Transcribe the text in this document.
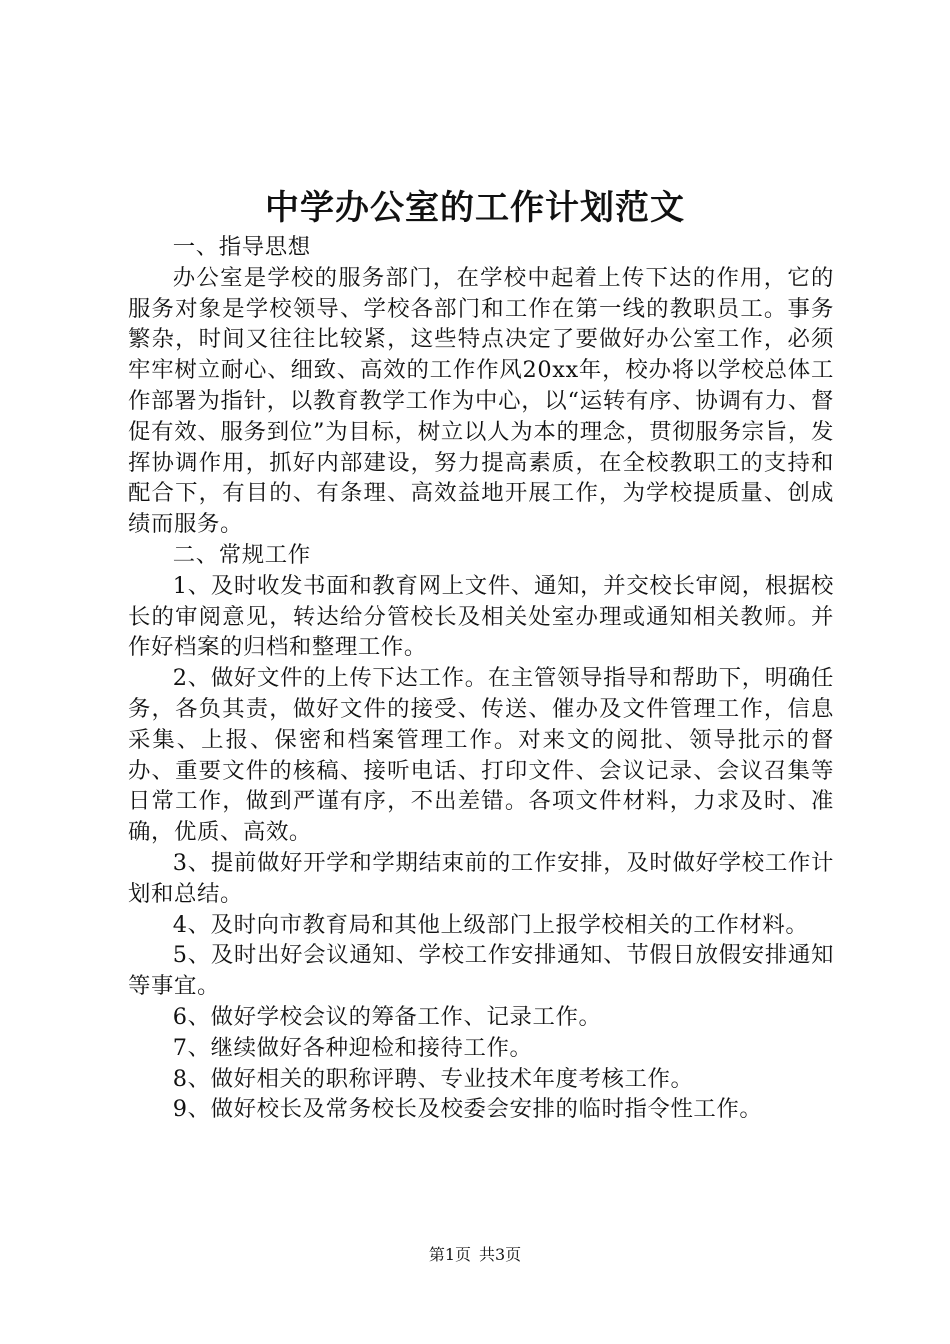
中学办公室的工作计划范文

一、指导思想

办公室是学校的服务部门，在学校中起着上传下达的作用，它的服务对象是学校领导、学校各部门和工作在第一线的教职员工。事务繁杂，时间又往往比较紧，这些特点决定了要做好办公室工作，必须牢牢树立耐心、细致、高效的工作作风20xx年，校办将以学校总体工作部署为指针，以教育教学工作为中心，以“运转有序、协调有力、督促有效、服务到位”为目标，树立以人为本的理念，贯彻服务宗旨，发挥协调作用，抓好内部建设，努力提高素质，在全校教职工的支持和配合下，有目的、有条理、高效益地开展工作，为学校提质量、创成绩而服务。

二、常规工作

1、及时收发书面和教育网上文件、通知，并交校长审阅，根据校长的审阅意见，转达给分管校长及相关处室办理或通知相关教师。并作好档案的归档和整理工作。

2、做好文件的上传下达工作。在主管领导指导和帮助下，明确任务，各负其责，做好文件的接受、传送、催办及文件管理工作，信息采集、上报、保密和档案管理工作。对来文的阅批、领导批示的督办、重要文件的核稿、接听电话、打印文件、会议记录、会议召集等日常工作，做到严谨有序，不出差错。各项文件材料，力求及时、准确，优质、高效。

3、提前做好开学和学期结束前的工作安排，及时做好学校工作计划和总结。

4、及时向市教育局和其他上级部门上报学校相关的工作材料。

5、及时出好会议通知、学校工作安排通知、节假日放假安排通知等事宜。

6、做好学校会议的筹备工作、记录工作。

7、继续做好各种迎检和接待工作。

8、做好相关的职称评聘、专业技术年度考核工作。

9、做好校长及常务校长及校委会安排的临时指令性工作。

第1页 共3页
